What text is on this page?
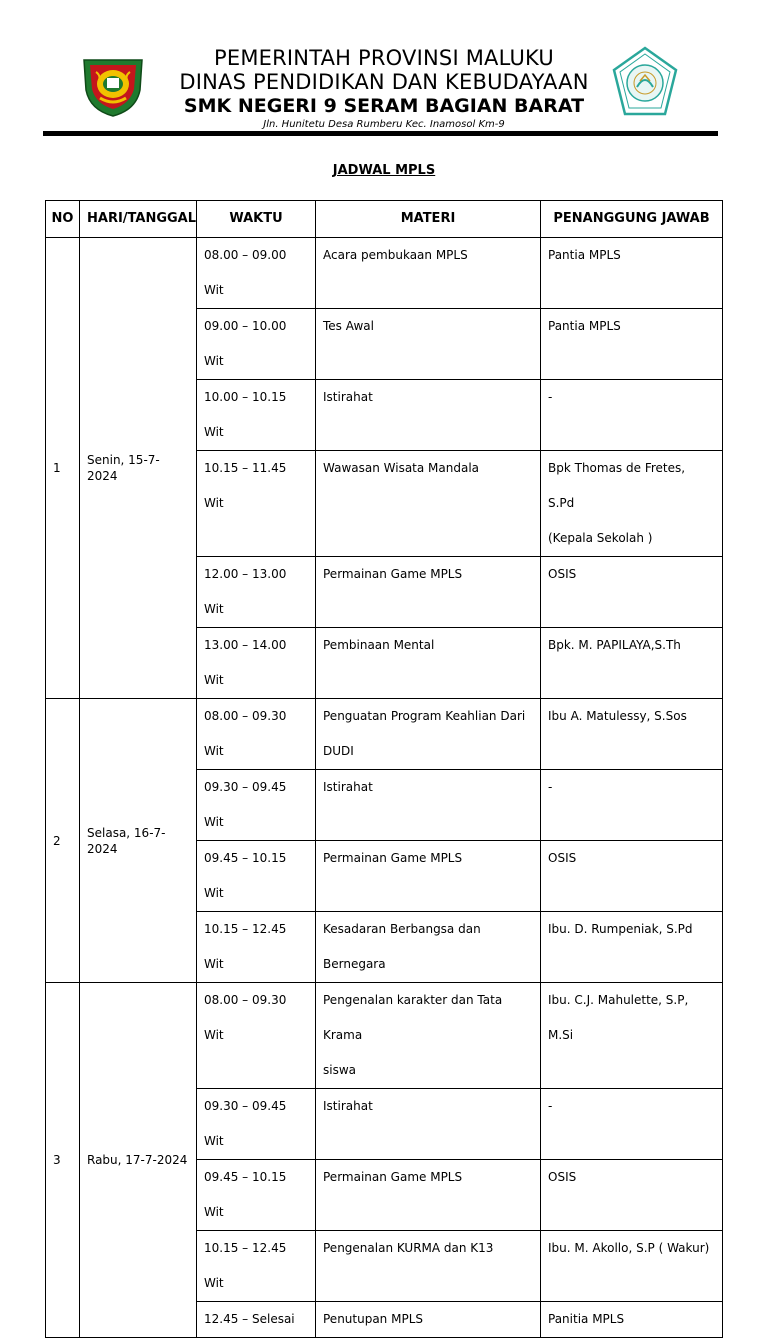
PEMERINTAH PROVINSI MALUKU
DINAS PENDIDIKAN DAN KEBUDAYAAN
SMK NEGERI 9 SERAM BAGIAN BARAT
Jln. Hunitetu Desa Rumberu Kec. Inamosol Km-9
JADWAL MPLS
NO	HARI/TANGGAL	WAKTU	MATERI	PENANGGUNG JAWAB
1	Senin, 15-7-2024	08.00 – 09.00 Wit	Acara pembukaan MPLS	Pantia MPLS
		09.00 – 10.00 Wit	Tes Awal	Pantia MPLS
		10.00 – 10.15 Wit	Istirahat	-
		10.15 – 11.45 Wit	Wawasan Wisata Mandala	Bpk Thomas de Fretes, S.Pd
(Kepala Sekolah )

		12.00 – 13.00 Wit	Permainan Game MPLS	OSIS
		13.00 – 14.00 Wit	Pembinaan Mental	Bpk. M. PAPILAYA,S.Th
2	Selasa, 16-7-2024	08.00 – 09.30 Wit	Penguatan Program Keahlian Dari
DUDI	Ibu A. Matulessy, S.Sos
		09.30 – 09.45 Wit	Istirahat	-
		09.45 – 10.15 Wit	Permainan Game MPLS	OSIS
		10.15 – 12.45 Wit	Kesadaran Berbangsa dan Bernegara	Ibu. D. Rumpeniak, S.Pd
3	Rabu, 17-7-2024	08.00 – 09.30 Wit	Pengenalan karakter dan Tata Krama
siswa	Ibu. C.J. Mahulette, S.P, M.Si
		09.30 – 09.45 Wit	Istirahat	-
		09.45 – 10.15 Wit	Permainan Game MPLS	OSIS
		10.15 – 12.45 Wit	Pengenalan KURMA dan K13	Ibu. M. Akollo, S.P ( Wakur)
		12.45 – Selesai	Penutupan MPLS	Panitia MPLS
